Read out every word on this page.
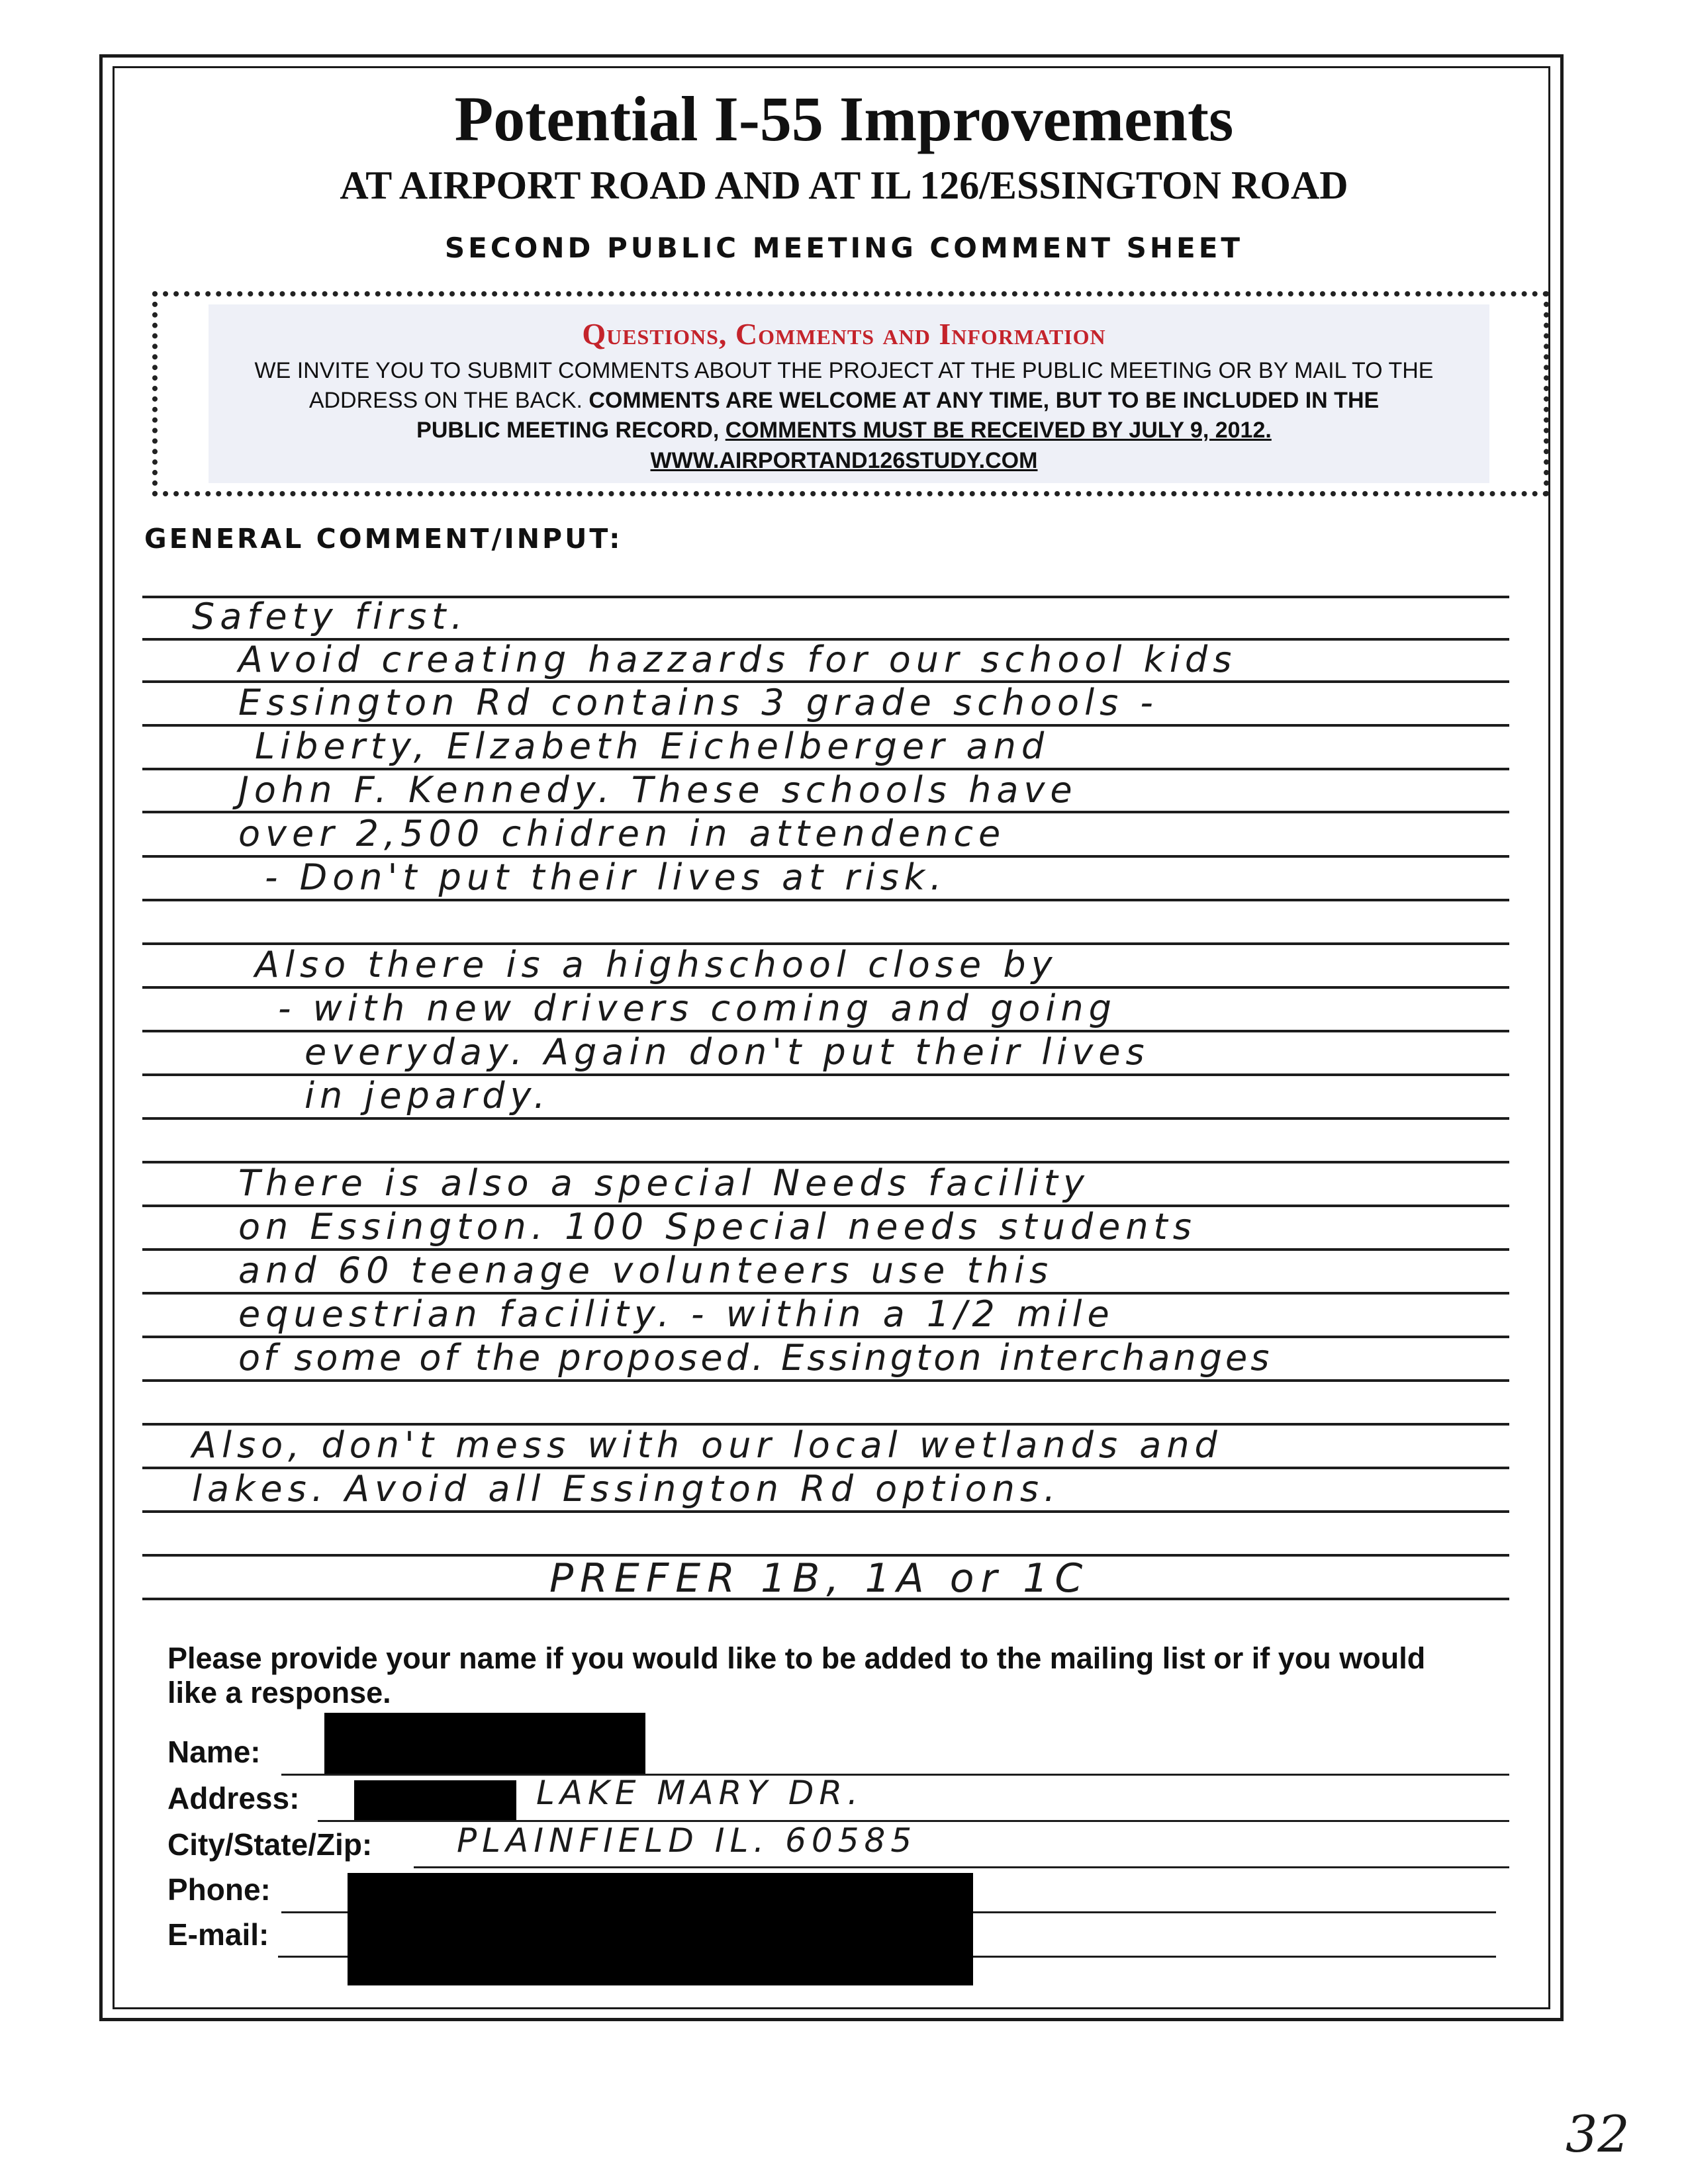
Potential I-55 Improvements
AT AIRPORT ROAD AND AT IL 126/ESSINGTON ROAD
SECOND PUBLIC MEETING COMMENT SHEET
Questions, Comments and Information
WE INVITE YOU TO SUBMIT COMMENTS ABOUT THE PROJECT AT THE PUBLIC MEETING OR BY MAIL TO THE
ADDRESS ON THE BACK. COMMENTS ARE WELCOME AT ANY TIME, BUT TO BE INCLUDED IN THE
PUBLIC MEETING RECORD, COMMENTS MUST BE RECEIVED BY JULY 9, 2012.
WWW.AIRPORTAND126STUDY.COM
GENERAL COMMENT/INPUT:
Safety first.
Avoid creating hazzards for our school kids
Essington Rd contains 3 grade schools -
Liberty, Elzabeth Eichelberger and
John F. Kennedy. These schools have
over 2,500 chidren in attendence
- Don't put their lives at risk.
Also there is a highschool close by
- with new drivers coming and going
everyday. Again don't put their lives
in jepardy.
There is also a special Needs facility
on Essington. 100 Special needs students
and 60 teenage volunteers use this
equestrian facility. - within a 1/2 mile
of some of the proposed. Essington interchanges
Also, don't mess with our local wetlands and
lakes. Avoid all Essington Rd options.
PREFER 1B, 1A or 1C
Please provide your name if you would like to be added to the mailing list or if you would
like a response.
Name:
Address:	LAKE MARY DR.
City/State/Zip:	PLAINFIELD IL. 60585
Phone:
E-mail:
32
